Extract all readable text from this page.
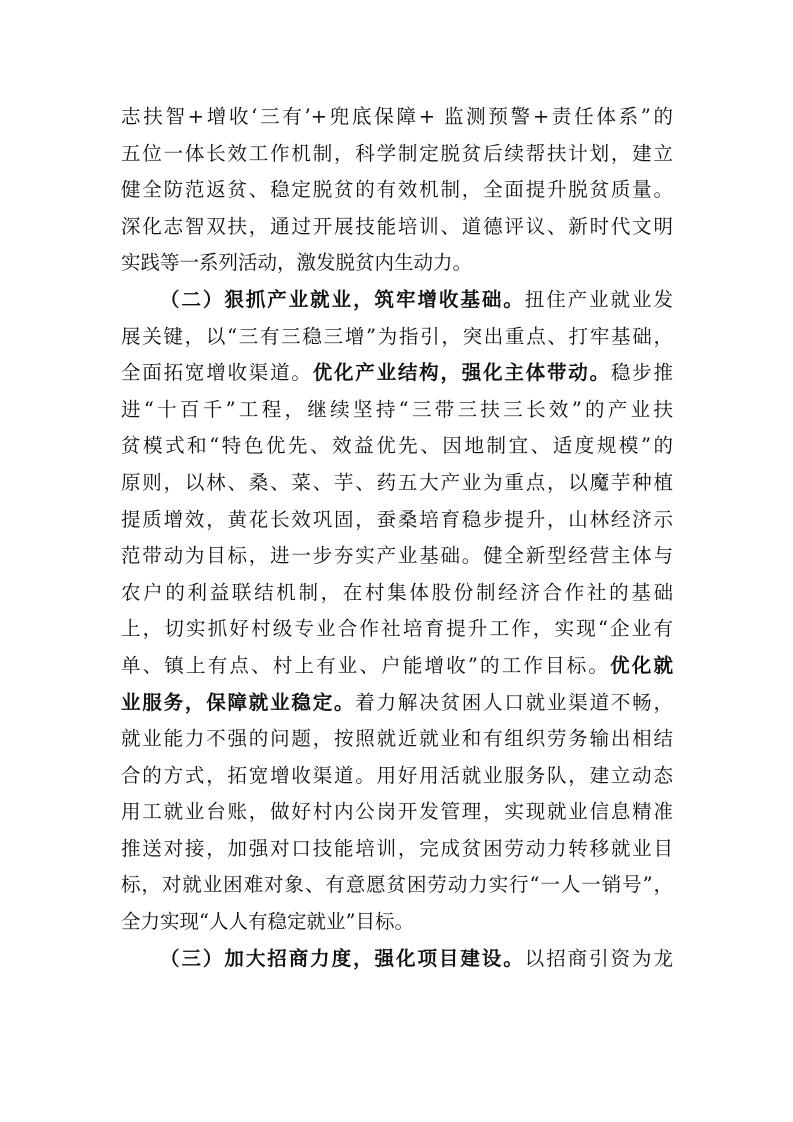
志扶智+增收‘三有’+兜底保障+ 监测预警+责任体系”的
五位一体长效工作机制，科学制定脱贫后续帮扶计划，建立
健全防范返贫、稳定脱贫的有效机制，全面提升脱贫质量。
深化志智双扶，通过开展技能培训、道德评议、新时代文明
实践等一系列活动，激发脱贫内生动力。
（二）狠抓产业就业，筑牢增收基础。扭住产业就业发
展关键，以“三有三稳三增”为指引，突出重点、打牢基础，
全面拓宽增收渠道。优化产业结构，强化主体带动。稳步推
进“十百千”工程，继续坚持“三带三扶三长效”的产业扶
贫模式和“特色优先、效益优先、因地制宜、适度规模”的
原则，以林、桑、菜、芋、药五大产业为重点，以魔芋种植
提质增效，黄花长效巩固，蚕桑培育稳步提升，山林经济示
范带动为目标，进一步夯实产业基础。健全新型经营主体与
农户的利益联结机制，在村集体股份制经济合作社的基础
上，切实抓好村级专业合作社培育提升工作，实现“企业有
单、镇上有点、村上有业、户能增收”的工作目标。优化就
业服务，保障就业稳定。着力解决贫困人口就业渠道不畅，
就业能力不强的问题，按照就近就业和有组织劳务输出相结
合的方式，拓宽增收渠道。用好用活就业服务队，建立动态
用工就业台账，做好村内公岗开发管理，实现就业信息精准
推送对接，加强对口技能培训，完成贫困劳动力转移就业目
标，对就业困难对象、有意愿贫困劳动力实行“一人一销号”，
全力实现“人人有稳定就业”目标。
（三）加大招商力度，强化项目建设。以招商引资为龙
